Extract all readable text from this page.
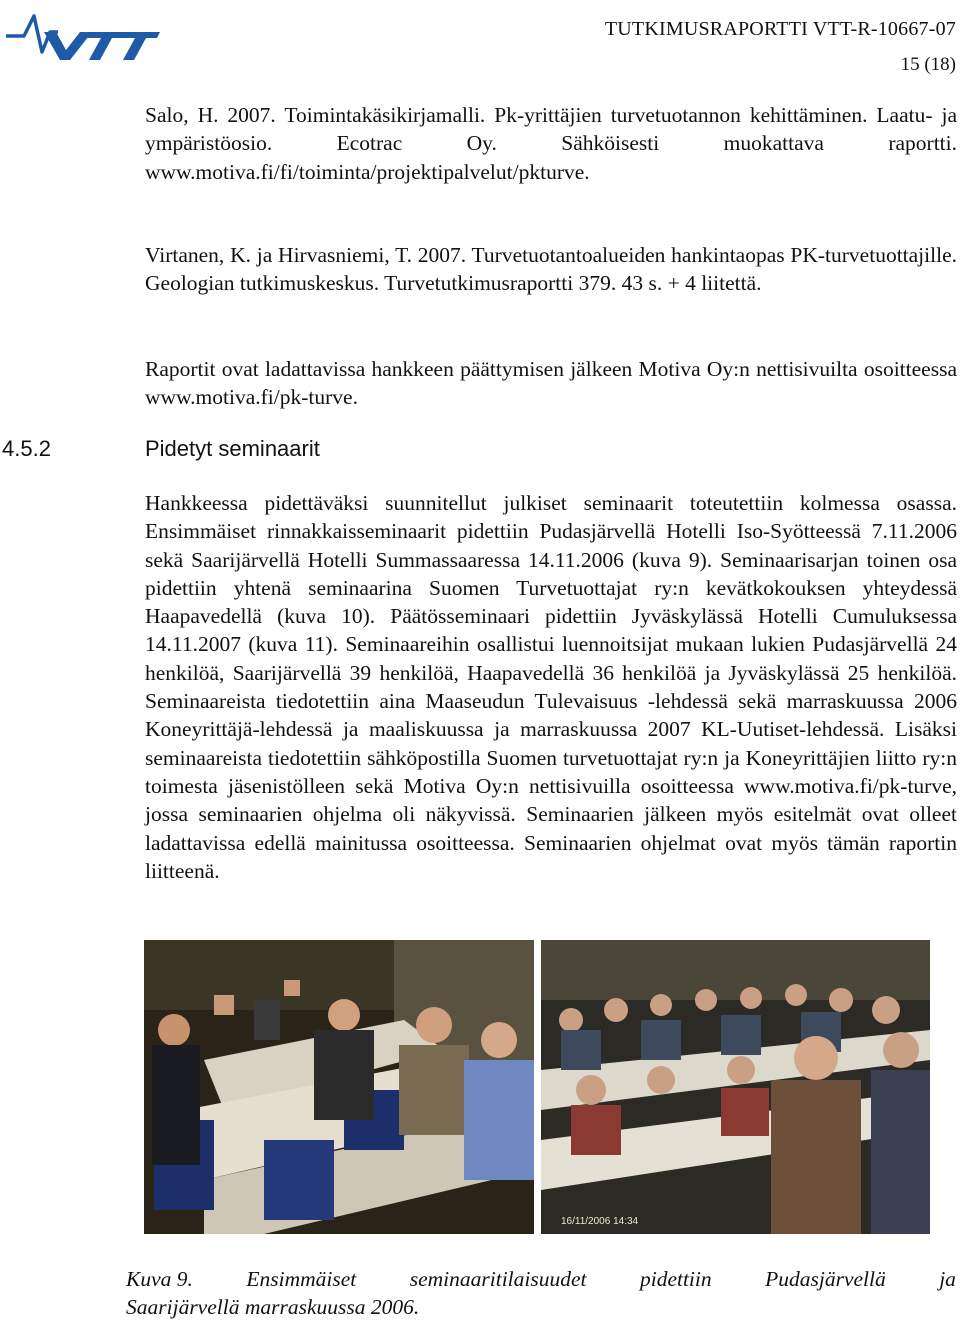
VTT
TUTKIMUSRAPORTTI VTT-R-10667-07
15 (18)

Salo, H. 2007. Toimintakäsikirjamalli. Pk-yrittäjien turvetuotannon kehittäminen. Laatu- ja ympäristöosio. Ecotrac Oy. Sähköisesti muokattava raportti. www.motiva.fi/fi/toiminta/projektipalvelut/pkturve.

Virtanen, K. ja Hirvasniemi, T. 2007. Turvetuotantoalueiden hankintaopas PK-turvetuottajille. Geologian tutkimuskeskus. Turvetutkimusraportti 379. 43 s. + 4 liitettä.

Raportit ovat ladattavissa hankkeen päättymisen jälkeen Motiva Oy:n nettisivuilta osoitteessa www.motiva.fi/pk-turve.

4.5.2	Pidetyt seminaarit

Hankkeessa pidettäväksi suunnitellut julkiset seminaarit toteutettiin kolmessa osassa. Ensimmäiset rinnakkaisseminaarit pidettiin Pudasjärvellä Hotelli Iso-Syötteessä 7.11.2006 sekä Saarijärvellä Hotelli Summassaaressa 14.11.2006 (kuva 9). Seminaarisarjan toinen osa pidettiin yhtenä seminaarina Suomen Turvetuottajat ry:n kevätkokouksen yhteydessä Haapavedellä (kuva 10). Päätösseminaari pidettiin Jyväskylässä Hotelli Cumuluksessa 14.11.2007 (kuva 11). Seminaareihin osallistui luennoitsijat mukaan lukien Pudasjärvellä 24 henkilöä, Saarijärvellä 39 henkilöä, Haapavedellä 36 henkilöä ja Jyväskylässä 25 henkilöä. Seminaareista tiedotettiin aina Maaseudun Tulevaisuus -lehdessä sekä marraskuussa 2006 Koneyrittäjä-lehdessä ja maaliskuussa ja marraskuussa 2007 KL-Uutiset-lehdessä. Lisäksi seminaareista tiedotettiin sähköpostilla Suomen turvetuottajat ry:n ja Koneyrittäjien liitto ry:n toimesta jäsenistölleen sekä Motiva Oy:n nettisivuilla osoitteessa www.motiva.fi/pk-turve, jossa seminaarien ohjelma oli näkyvissä. Seminaarien jälkeen myös esitelmät ovat olleet ladattavissa edellä mainitussa osoitteessa. Seminaarien ohjelmat ovat myös tämän raportin liitteenä.

16/11/2006 14:34
Kuva 9. Ensimmäiset seminaaritilaisuudet pidettiin Pudasjärvellä ja
Saarijärvellä marraskuussa 2006.
